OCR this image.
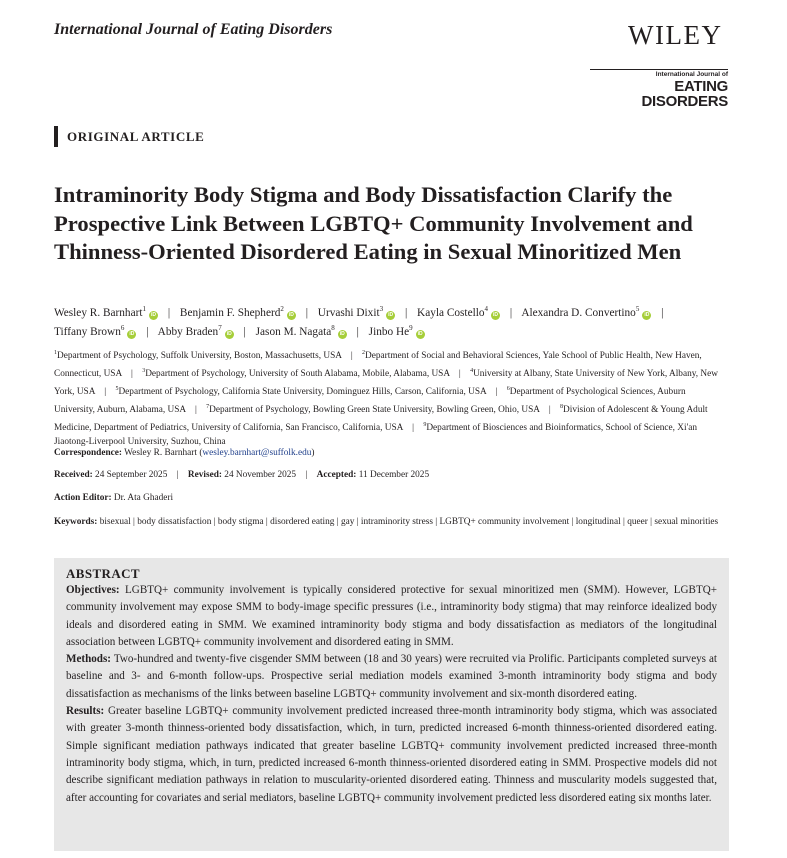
International Journal of Eating Disorders	WILEY
International Journal of
EATING DISORDERS
ORIGINAL ARTICLE
Intraminority Body Stigma and Body Dissatisfaction Clarify the Prospective Link Between LGBTQ+ Community Involvement and Thinness-Oriented Disordered Eating in Sexual Minoritized Men
Wesley R. Barnhart$^1$iD | Benjamin F. Shepherd$^2$iD | Urvashi Dixit$^3$iD | Kayla Costello$^4$iD | Alexandra D. Convertino$^5$iD | Tiffany Brown$^6$iD | Abby Braden$^7$iD | Jason M. Nagata$^8$iD | Jinbo He$^9$iD
$^1$Department of Psychology, Suffolk University, Boston, Massachusetts, USA | $^2$Department of Social and Behavioral Sciences, Yale School of Public Health, New Haven, Connecticut, USA | $^3$Department of Psychology, University of South Alabama, Mobile, Alabama, USA | $^4$University at Albany, State University of New York, Albany, New York, USA | $^5$Department of Psychology, California State University, Dominguez Hills, Carson, California, USA | $^6$Department of Psychological Sciences, Auburn University, Auburn, Alabama, USA | $^7$Department of Psychology, Bowling Green State University, Bowling Green, Ohio, USA | $^8$Division of Adolescent & Young Adult Medicine, Department of Pediatrics, University of California, San Francisco, California, USA | $^9$Department of Biosciences and Bioinformatics, School of Science, Xi'an Jiaotong-Liverpool University, Suzhou, China
Correspondence: Wesley R. Barnhart (wesley.barnhart@suffolk.edu)
Received: 24 September 2025 | Revised: 24 November 2025 | Accepted: 11 December 2025
Action Editor: Dr. Ata Ghaderi
Keywords: bisexual | body dissatisfaction | body stigma | disordered eating | gay | intraminority stress | LGBTQ+ community involvement | longitudinal | queer | sexual minorities
ABSTRACT

Objectives: LGBTQ+ community involvement is typically considered protective for sexual minoritized men (SMM). However, LGBTQ+ community involvement may expose SMM to body-image specific pressures (i.e., intraminority body stigma) that may reinforce idealized body ideals and disordered eating in SMM. We examined intraminority body stigma and body dissatisfaction as mediators of the longitudinal association between LGBTQ+ community involvement and disordered eating in SMM.

Methods: Two-hundred and twenty-five cisgender SMM between (18 and 30 years) were recruited via Prolific. Participants completed surveys at baseline and 3- and 6-month follow-ups. Prospective serial mediation models examined 3-month intraminority body stigma and body dissatisfaction as mechanisms of the links between baseline LGBTQ+ community involvement and six-month disordered eating.

Results: Greater baseline LGBTQ+ community involvement predicted increased three-month intraminority body stigma, which was associated with greater 3-month thinness-oriented body dissatisfaction, which, in turn, predicted increased 6-month thinness-oriented disordered eating. Simple significant mediation pathways indicated that greater baseline LGBTQ+ community involvement predicted increased three-month intraminority body stigma, which, in turn, predicted increased 6-month thinness-oriented disordered eating in SMM. Prospective models did not describe significant mediation pathways in relation to muscularity-oriented disordered eating. Thinness and muscularity models suggested that, after accounting for covariates and serial mediators, baseline LGBTQ+ community involvement predicted less disordered eating six months later.
